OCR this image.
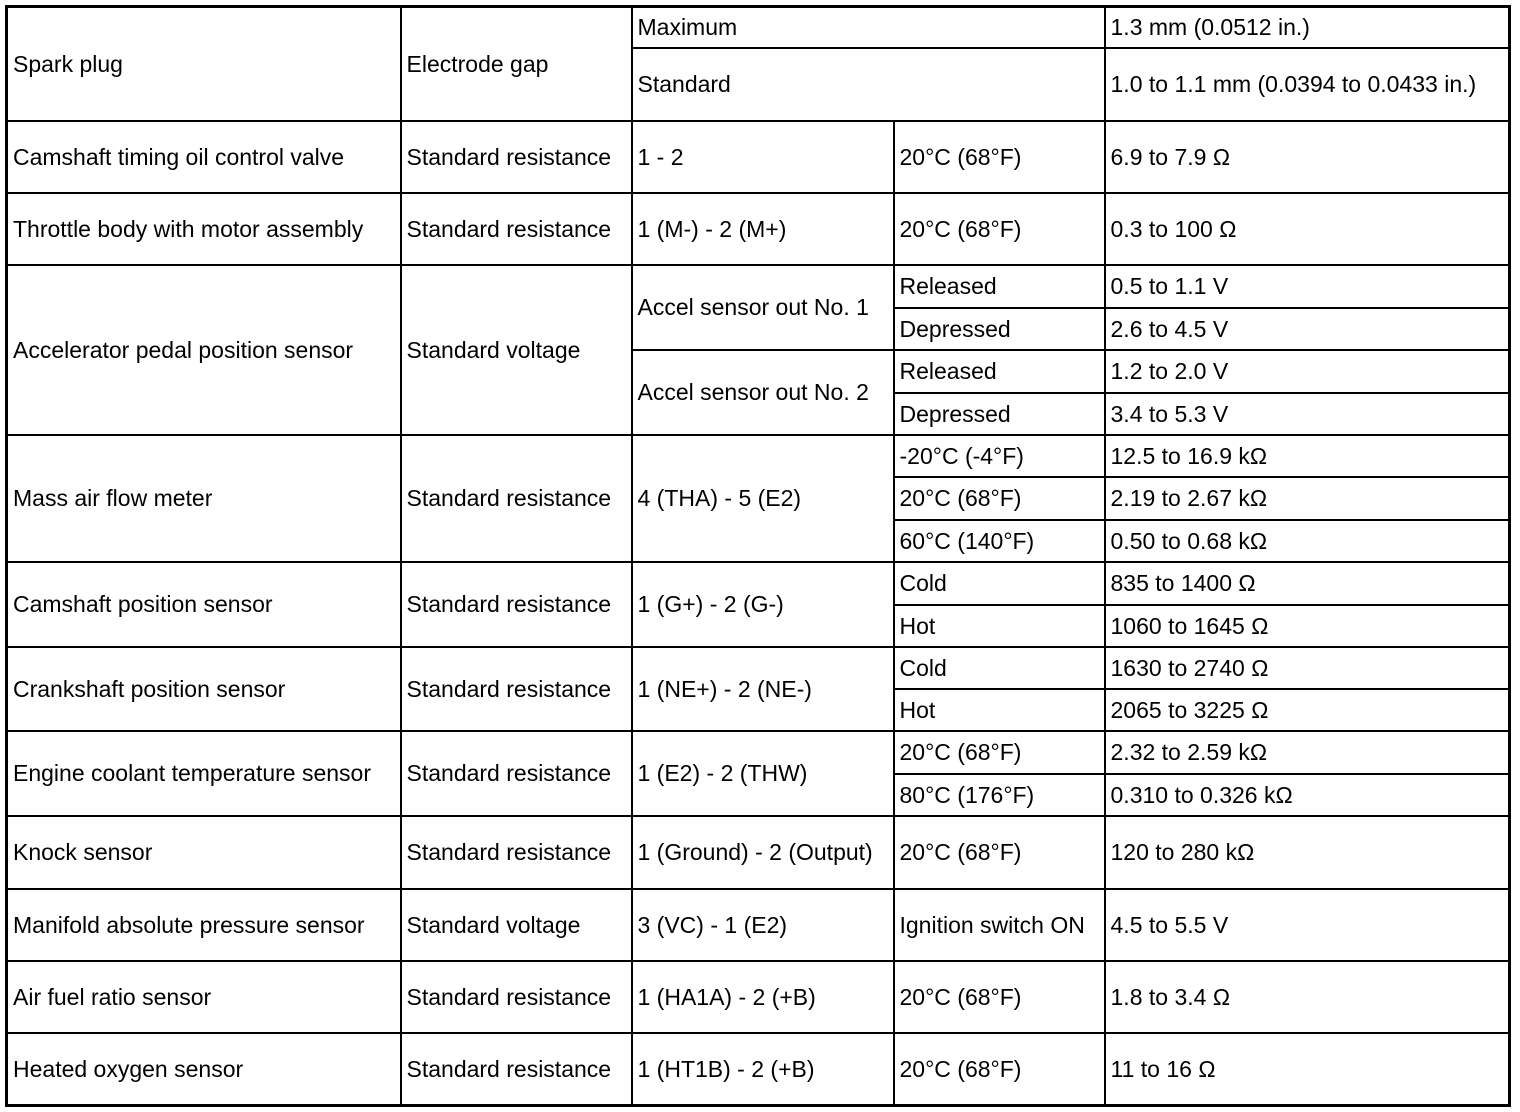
Spark plug	Electrode gap	Maximum		1.3 mm (0.0512 in.)
		Standard		1.0 to 1.1 mm (0.0394 to 0.0433 in.)
Camshaft timing oil control valve	Standard resistance	1 - 2	20°C (68°F)	6.9 to 7.9 Ω
Throttle body with motor assembly	Standard resistance	1 (M-) - 2 (M+)	20°C (68°F)	0.3 to 100 Ω
Accelerator pedal position sensor	Standard voltage	Accel sensor out No. 1	Released	0.5 to 1.1 V
			Depressed	2.6 to 4.5 V
		Accel sensor out No. 2	Released	1.2 to 2.0 V
			Depressed	3.4 to 5.3 V
Mass air flow meter	Standard resistance	4 (THA) - 5 (E2)	-20°C (-4°F)	12.5 to 16.9 kΩ
			20°C (68°F)	2.19 to 2.67 kΩ
			60°C (140°F)	0.50 to 0.68 kΩ
Camshaft position sensor	Standard resistance	1 (G+) - 2 (G-)	Cold	835 to 1400 Ω
			Hot	1060 to 1645 Ω
Crankshaft position sensor	Standard resistance	1 (NE+) - 2 (NE-)	Cold	1630 to 2740 Ω
			Hot	2065 to 3225 Ω
Engine coolant temperature sensor	Standard resistance	1 (E2) - 2 (THW)	20°C (68°F)	2.32 to 2.59 kΩ
			80°C (176°F)	0.310 to 0.326 kΩ
Knock sensor	Standard resistance	1 (Ground) - 2 (Output)	20°C (68°F)	120 to 280 kΩ
Manifold absolute pressure sensor	Standard voltage	3 (VC) - 1 (E2)	Ignition switch ON	4.5 to 5.5 V
Air fuel ratio sensor	Standard resistance	1 (HA1A) - 2 (+B)	20°C (68°F)	1.8 to 3.4 Ω
Heated oxygen sensor	Standard resistance	1 (HT1B) - 2 (+B)	20°C (68°F)	11 to 16 Ω
